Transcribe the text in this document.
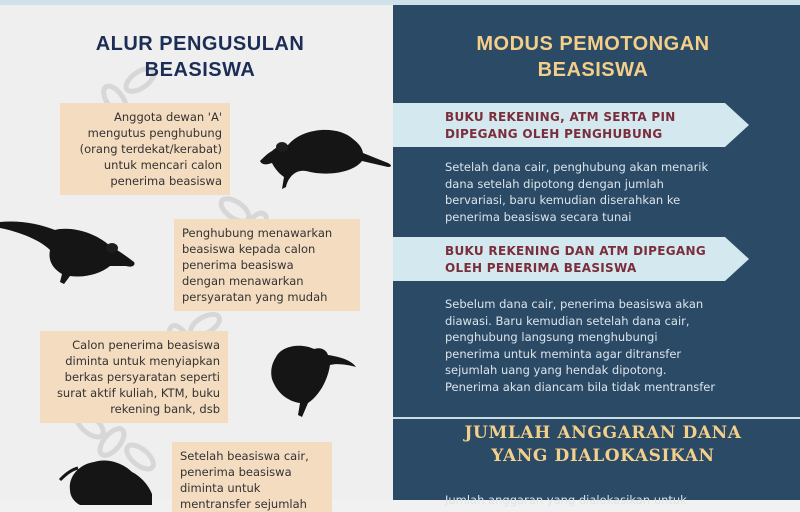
ALUR PENGUSULAN
BEASISWA
Anggota dewan 'A'
mengutus penghubung
(orang terdekat/kerabat)
untuk mencari calon
penerima beasiswa
Penghubung menawarkan
beasiswa kepada calon
penerima beasiswa
dengan menawarkan
persyaratan yang mudah
Calon penerima beasiswa
diminta untuk menyiapkan
berkas persyaratan seperti
surat aktif kuliah, KTM, buku
rekening bank, dsb
Setelah beasiswa cair,
penerima beasiswa
diminta untuk
mentransfer sejumlah
MODUS PEMOTONGAN
BEASISWA
BUKU REKENING, ATM SERTA PIN
DIPEGANG OLEH PENGHUBUNG
Setelah dana cair, penghubung akan menarik
dana setelah dipotong dengan jumlah
bervariasi, baru kemudian diserahkan ke
penerima beasiswa secara tunai
BUKU REKENING DAN ATM DIPEGANG
OLEH PENERIMA BEASISWA
Sebelum dana cair, penerima beasiswa akan
diawasi. Baru kemudian setelah dana cair,
penghubung langsung menghubungi
penerima untuk meminta agar ditransfer
sejumlah uang yang hendak dipotong.
Penerima akan diancam bila tidak mentransfer
JUMLAH ANGGARAN DANA
YANG DIALOKASIKAN
Jumlah anggaran yang dialokasikan untuk
